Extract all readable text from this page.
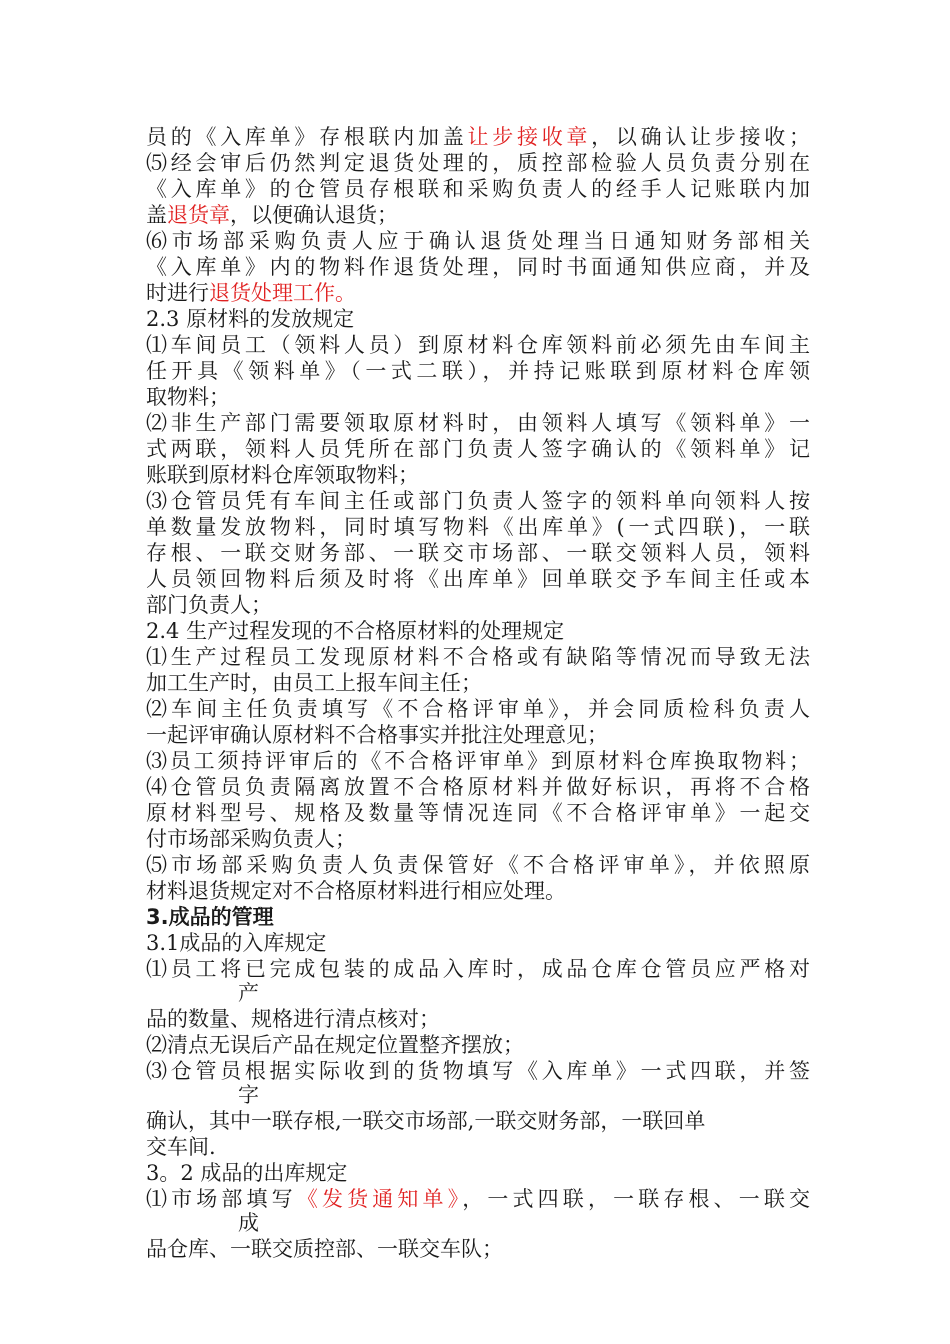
员的《入库单》存根联内加盖让步接收章，以确认让步接收；

⑸经会审后仍然判定退货处理的，质控部检验人员负责分别在

《入库单》的仓管员存根联和采购负责人的经手人记账联内加

盖退货章，以便确认退货；

⑹市场部采购负责人应于确认退货处理当日通知财务部相关

《入库单》内的物料作退货处理，同时书面通知供应商，并及

时进行退货处理工作。

2.3 原材料的发放规定

⑴车间员工（领料人员）到原材料仓库领料前必须先由车间主

任开具《领料单》（一式二联），并持记账联到原材料仓库领

取物料；

⑵非生产部门需要领取原材料时，由领料人填写《领料单》一

式两联，领料人员凭所在部门负责人签字确认的《领料单》记

账联到原材料仓库领取物料；

⑶仓管员凭有车间主任或部门负责人签字的领料单向领料人按

单数量发放物料，同时填写物料《出库单》(一式四联)，一联

存根、一联交财务部、一联交市场部、一联交领料人员，领料

人员领回物料后须及时将《出库单》回单联交予车间主任或本

部门负责人；

2.4 生产过程发现的不合格原材料的处理规定

⑴生产过程员工发现原材料不合格或有缺陷等情况而导致无法

加工生产时，由员工上报车间主任；

⑵车间主任负责填写《不合格评审单》，并会同质检科负责人

一起评审确认原材料不合格事实并批注处理意见；

⑶员工须持评审后的《不合格评审单》到原材料仓库换取物料；

⑷仓管员负责隔离放置不合格原材料并做好标识，再将不合格

原材料型号、规格及数量等情况连同《不合格评审单》一起交

付市场部采购负责人；

⑸市场部采购负责人负责保管好《不合格评审单》，并依照原

材料退货规定对不合格原材料进行相应处理。

3.成品的管理

3.1成品的入库规定

⑴员工将已完成包装的成品入库时，成品仓库仓管员应严格对

产

品的数量、规格进行清点核对；

⑵清点无误后产品在规定位置整齐摆放；

⑶仓管员根据实际收到的货物填写《入库单》一式四联，并签

字

确认，其中一联存根,一联交市场部,一联交财务部，一联回单

交车间.

3。2 成品的出库规定

⑴市场部填写《发货通知单》，一式四联，一联存根、一联交

成

品仓库、一联交质控部、一联交车队；
